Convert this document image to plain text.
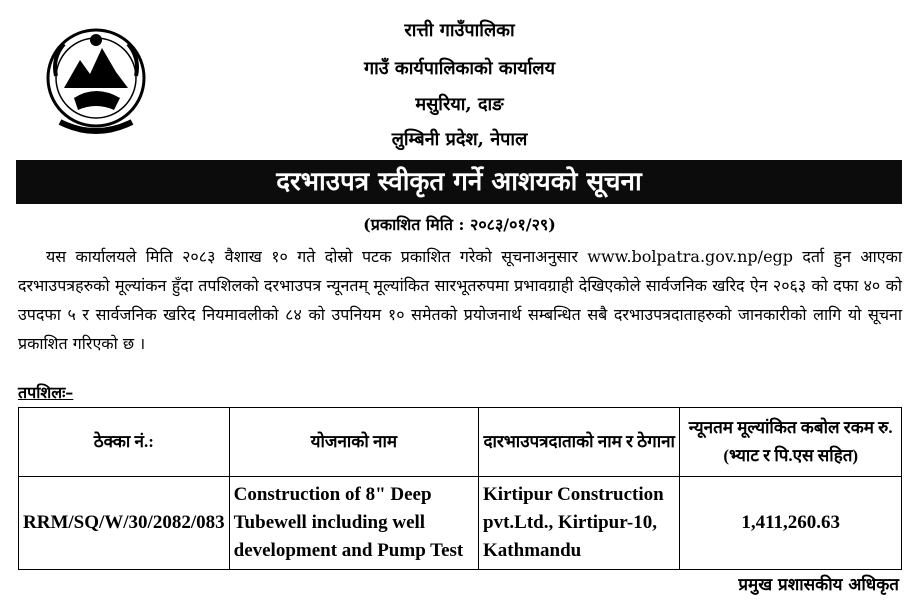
रात्ती गाउँपालिका
गाउँ कार्यपालिकाको कार्यालय
मसुरिया, दाङ
लुम्बिनी प्रदेश, नेपाल
दरभाउपत्र स्वीकृत गर्ने आशयको सूचना
(प्रकाशित मिति : २०८३/०१/२९)
यस कार्यालयले मिति २०८३ वैशाख १० गते दोस्रो पटक प्रकाशित गरेको सूचनाअनुसार www.bolpatra.gov.np/egp दर्ता हुन आएका दरभाउपत्रहरुको मूल्यांकन हुँदा तपशिलको दरभाउपत्र न्यूनतम् मूल्यांकित सारभूतरुपमा प्रभावग्राही देखिएकोले सार्वजनिक खरिद ऐन २०६३ को दफा ४० को उपदफा ५ र सार्वजनिक खरिद नियमावलीको ८४ को उपनियम १० समेतको प्रयोजनार्थ सम्बन्धित सबै दरभाउपत्रदाताहरुको जानकारीको लागि यो सूचना प्रकाशित गरिएको छ ।
तपशिलः–
ठेक्का नं.:	योजनाको नाम	दारभाउपत्रदाताको नाम र ठेगाना	न्यूनतम मूल्यांकित कबोल रकम रु. (भ्याट र पि.एस सहित)
RRM/SQ/W/30/2082/083	Construction of 8" Deep Tubewell including well development and Pump Test	Kirtipur Construction pvt.Ltd., Kirtipur-10, Kathmandu	1,411,260.63
प्रमुख प्रशासकीय अधिकृत
